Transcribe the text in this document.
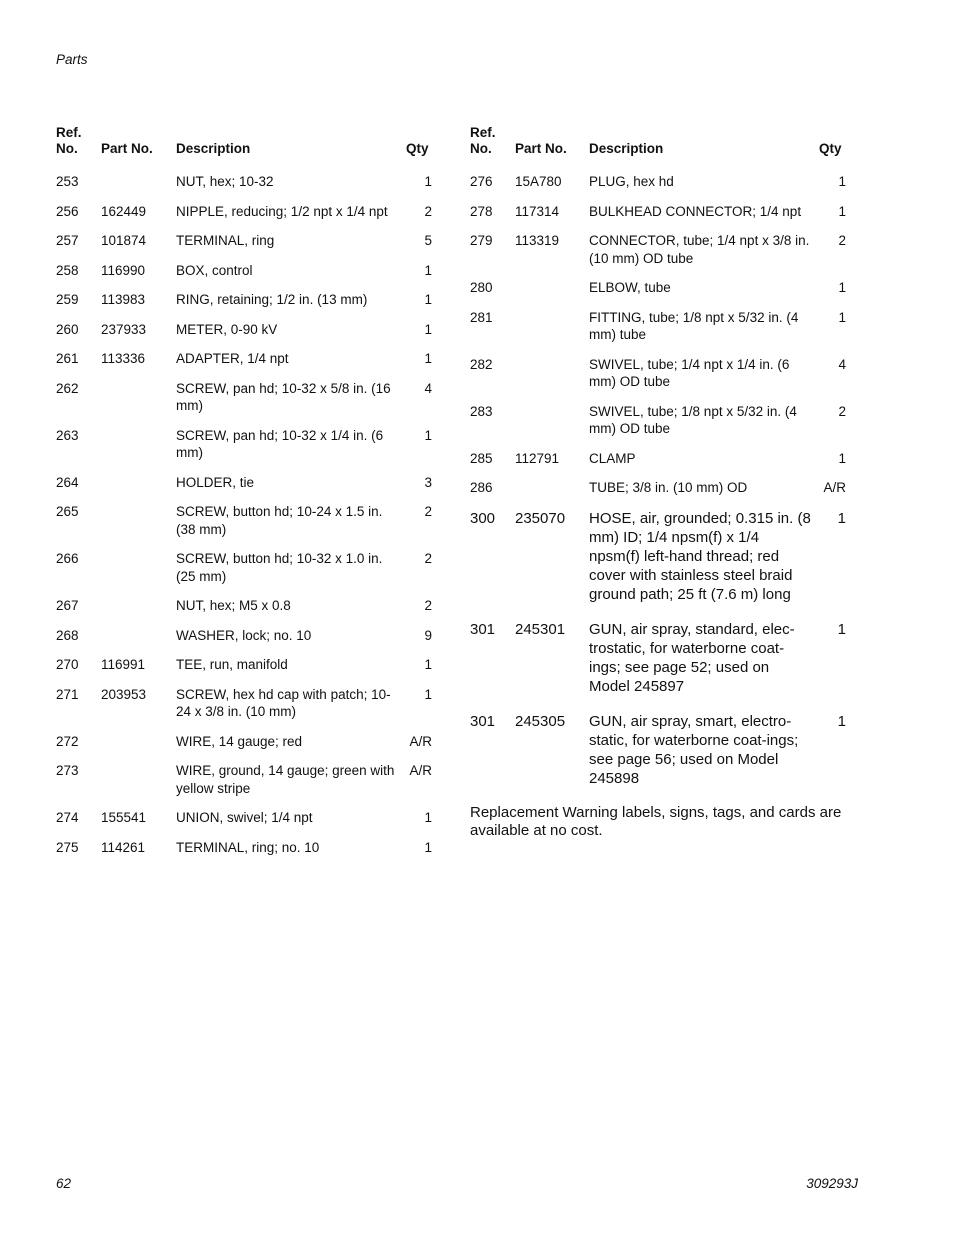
Parts
Ref. No.	Part No.	Description	Qty
253		NUT, hex; 10-32	1
256	162449	NIPPLE, reducing; 1/2 npt x 1/4 npt	2
257	101874	TERMINAL, ring	5
258	116990	BOX, control	1
259	113983	RING, retaining; 1/2 in. (13 mm)	1
260	237933	METER, 0-90 kV	1
261	113336	ADAPTER, 1/4 npt	1
262		SCREW, pan hd; 10-32 x 5/8 in. (16 mm)	4
263		SCREW, pan hd; 10-32 x 1/4 in. (6 mm)	1
264		HOLDER, tie	3
265		SCREW, button hd; 10-24 x 1.5 in. (38 mm)	2
266		SCREW, button hd; 10-32 x 1.0 in. (25 mm)	2
267		NUT, hex; M5 x 0.8	2
268		WASHER, lock; no. 10	9
270	116991	TEE, run, manifold	1
271	203953	SCREW, hex hd cap with patch; 10-24 x 3/8 in. (10 mm)	1
272		WIRE, 14 gauge; red	A/R
273		WIRE, ground, 14 gauge; green with yellow stripe	A/R
274	155541	UNION, swivel; 1/4 npt	1
275	114261	TERMINAL, ring; no. 10	1
Ref. No.	Part No.	Description	Qty
276	15A780	PLUG, hex hd	1
278	117314	BULKHEAD CONNECTOR; 1/4 npt	1
279	113319	CONNECTOR, tube; 1/4 npt x 3/8 in. (10 mm) OD tube	2
280		ELBOW, tube	1
281		FITTING, tube; 1/8 npt x 5/32 in. (4 mm) tube	1
282		SWIVEL, tube; 1/4 npt x 1/4 in. (6 mm) OD tube	4
283		SWIVEL, tube; 1/8 npt x 5/32 in. (4 mm) OD tube	2
285	112791	CLAMP	1
286		TUBE; 3/8 in. (10 mm) OD	A/R
300	235070	HOSE, air, grounded; 0.315 in. (8 mm) ID; 1/4 npsm(f) x 1/4 npsm(f) left-hand thread; red cover with stainless steel braid ground path; 25 ft (7.6 m) long	1
301	245301	GUN, air spray, standard, elec-trostatic, for waterborne coat-ings; see page 52; used on Model 245897	1
301	245305	GUN, air spray, smart, electro-static, for waterborne coat-ings; see page 56; used on Model 245898	1

Replacement Warning labels, signs, tags, and cards are available at no cost.

62	309293J
